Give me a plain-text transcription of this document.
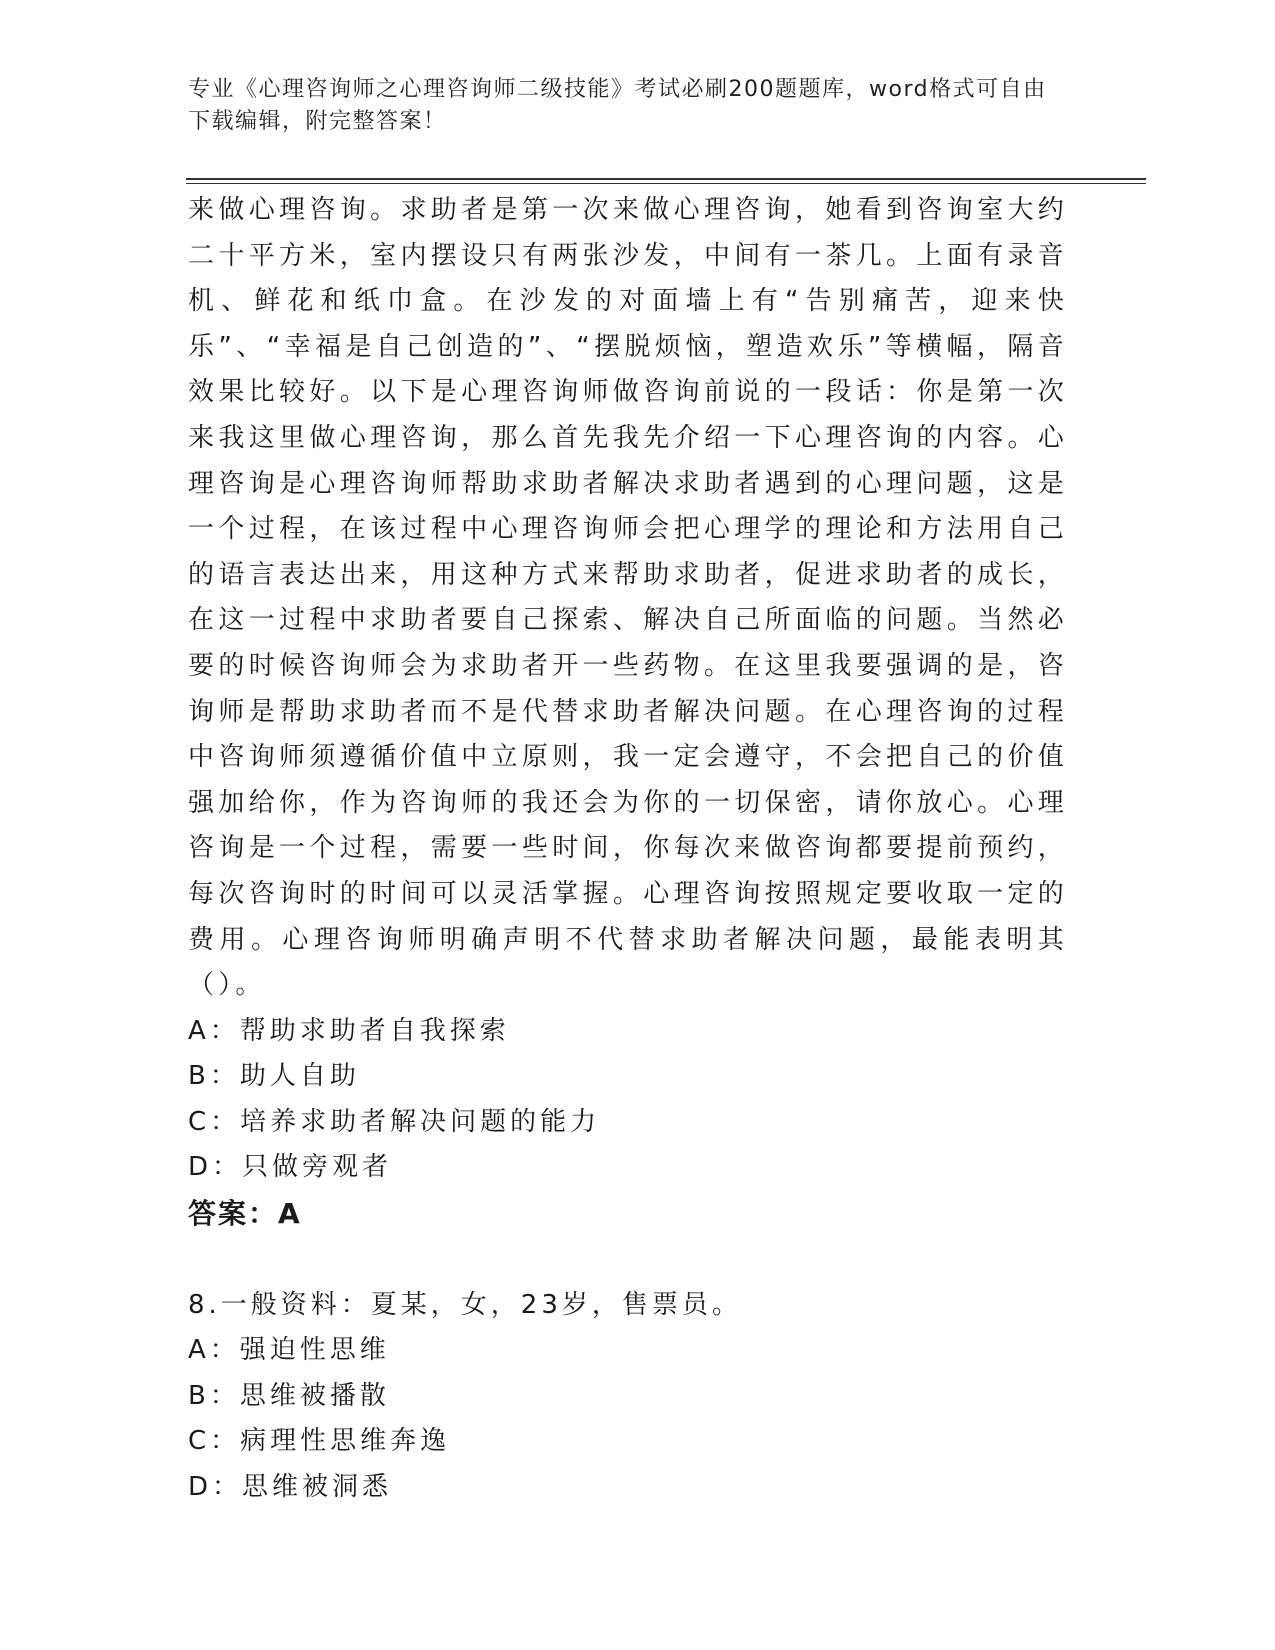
专业《心理咨询师之心理咨询师二级技能》考试必刷200题题库，word格式可自由下载编辑，附完整答案！

来做心理咨询。求助者是第一次来做心理咨询，她看到咨询室大约二十平方米，室内摆设只有两张沙发，中间有一茶几。上面有录音机、鲜花和纸巾盒。在沙发的对面墙上有“告别痛苦，迎来快乐”、“幸福是自己创造的”、“摆脱烦恼，塑造欢乐”等横幅，隔音效果比较好。以下是心理咨询师做咨询前说的一段话：你是第一次来我这里做心理咨询，那么首先我先介绍一下心理咨询的内容。心理咨询是心理咨询师帮助求助者解决求助者遇到的心理问题，这是一个过程，在该过程中心理咨询师会把心理学的理论和方法用自己的语言表达出来，用这种方式来帮助求助者，促进求助者的成长，在这一过程中求助者要自己探索、解决自己所面临的问题。当然必要的时候咨询师会为求助者开一些药物。在这里我要强调的是，咨询师是帮助求助者而不是代替求助者解决问题。在心理咨询的过程中咨询师须遵循价值中立原则，我一定会遵守，不会把自己的价值强加给你，作为咨询师的我还会为你的一切保密，请你放心。心理咨询是一个过程，需要一些时间，你每次来做咨询都要提前预约，每次咨询时的时间可以灵活掌握。心理咨询按照规定要收取一定的费用。心理咨询师明确声明不代替求助者解决问题，最能表明其（）。

A：帮助求助者自我探索

B：助人自助

C：培养求助者解决问题的能力

D：只做旁观者

答案：A

8.一般资料：夏某，女，23岁，售票员。

A：强迫性思维

B：思维被播散

C：病理性思维奔逸

D：思维被洞悉
